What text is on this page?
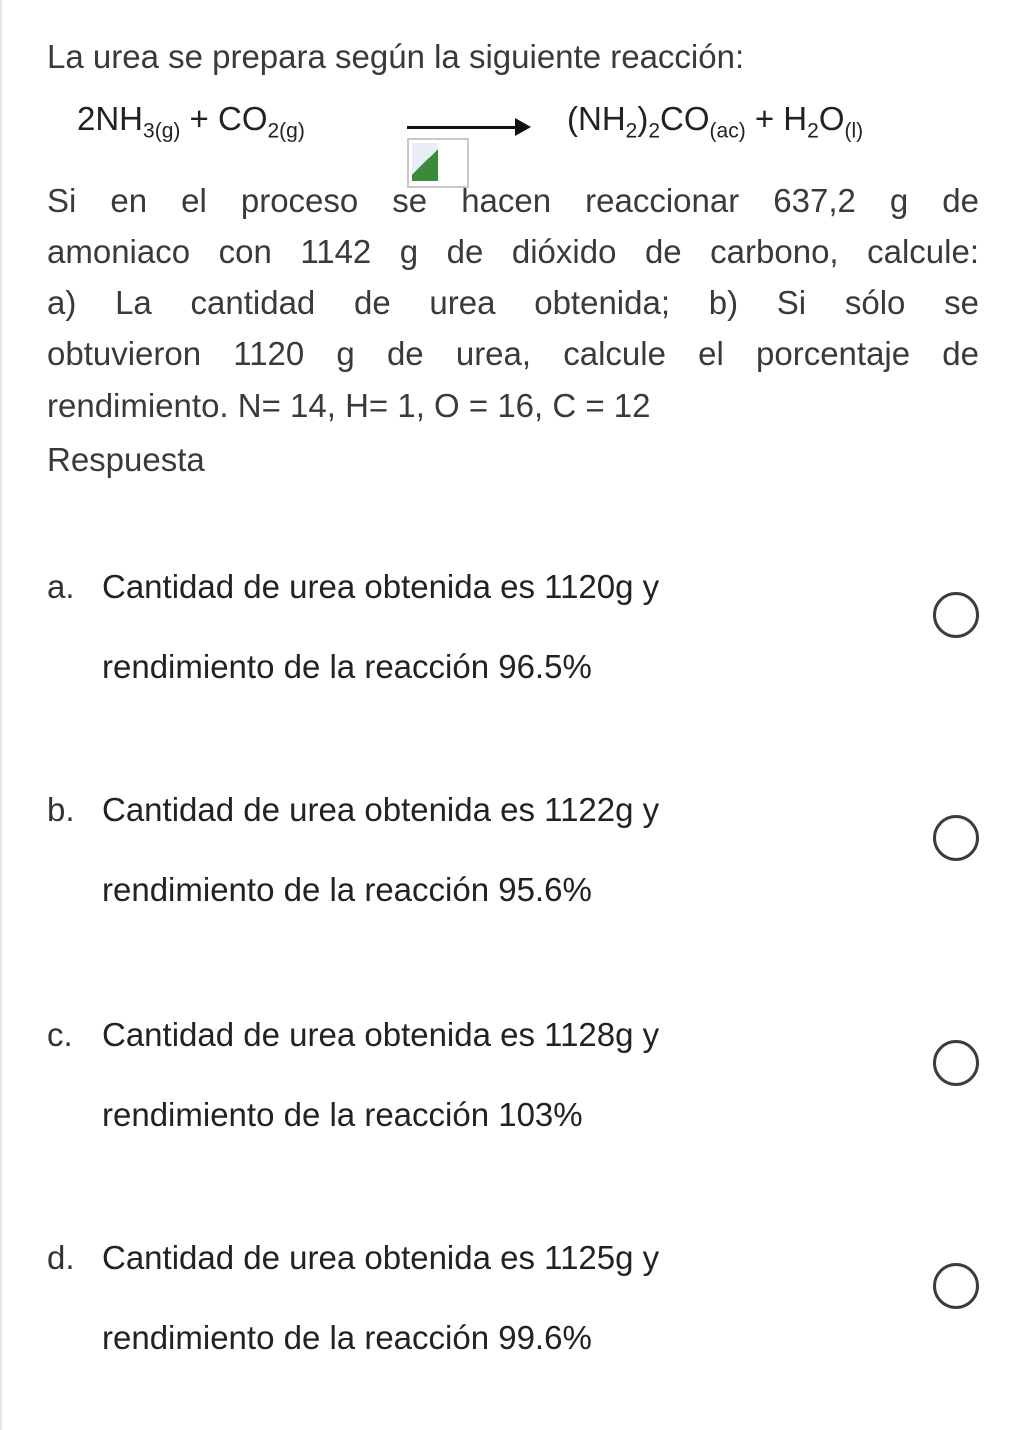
La urea se prepara según la siguiente reacción:
$2NH_{3(g)} + CO_{2(g)}$	$(NH_2)_2CO_{(ac)} + H_2O_{(l)}$
Si en el proceso se hacen reaccionar 637,2 g de
amoniaco con 1142 g de dióxido de carbono, calcule:
a) La cantidad de urea obtenida; b) Si sólo se
obtuvieron 1120 g de urea, calcule el porcentaje de
rendimiento. N= 14, H= 1, O = 16, C = 12
Respuesta
a. Cantidad de urea obtenida es 1120g y
rendimiento de la reacción 96.5%
b. Cantidad de urea obtenida es 1122g y
rendimiento de la reacción 95.6%
c. Cantidad de urea obtenida es 1128g y
rendimiento de la reacción 103%
d. Cantidad de urea obtenida es 1125g y
rendimiento de la reacción 99.6%
